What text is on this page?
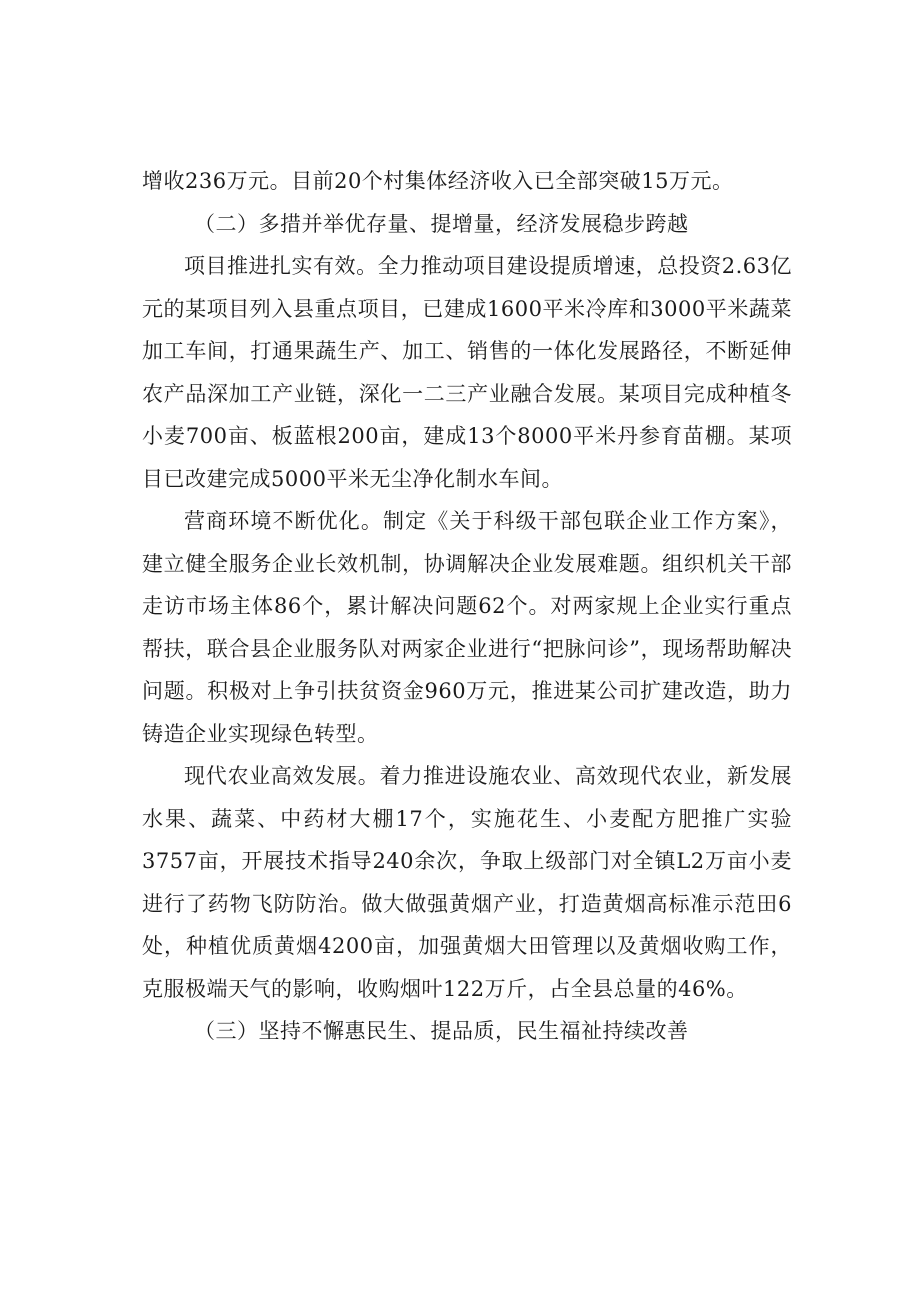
增收236万元。目前20个村集体经济收入已全部突破15万元。

（二）多措并举优存量、提增量，经济发展稳步跨越

项目推进扎实有效。全力推动项目建设提质增速，总投资2.63亿元的某项目列入县重点项目，已建成1600平米冷库和3000平米蔬菜加工车间，打通果蔬生产、加工、销售的一体化发展路径，不断延伸农产品深加工产业链，深化一二三产业融合发展。某项目完成种植冬小麦700亩、板蓝根200亩，建成13个8000平米丹参育苗棚。某项目已改建完成5000平米无尘净化制水车间。

营商环境不断优化。制定《关于科级干部包联企业工作方案》，建立健全服务企业长效机制，协调解决企业发展难题。组织机关干部走访市场主体86个，累计解决问题62个。对两家规上企业实行重点帮扶，联合县企业服务队对两家企业进行“把脉问诊”，现场帮助解决问题。积极对上争引扶贫资金960万元，推进某公司扩建改造，助力铸造企业实现绿色转型。

现代农业高效发展。着力推进设施农业、高效现代农业，新发展水果、蔬菜、中药材大棚17个，实施花生、小麦配方肥推广实验3757亩，开展技术指导240余次，争取上级部门对全镇L2万亩小麦进行了药物飞防防治。做大做强黄烟产业，打造黄烟高标准示范田6处，种植优质黄烟4200亩，加强黄烟大田管理以及黄烟收购工作，克服极端天气的影响，收购烟叶122万斤，占全县总量的46%。

（三）坚持不懈惠民生、提品质，民生福祉持续改善
